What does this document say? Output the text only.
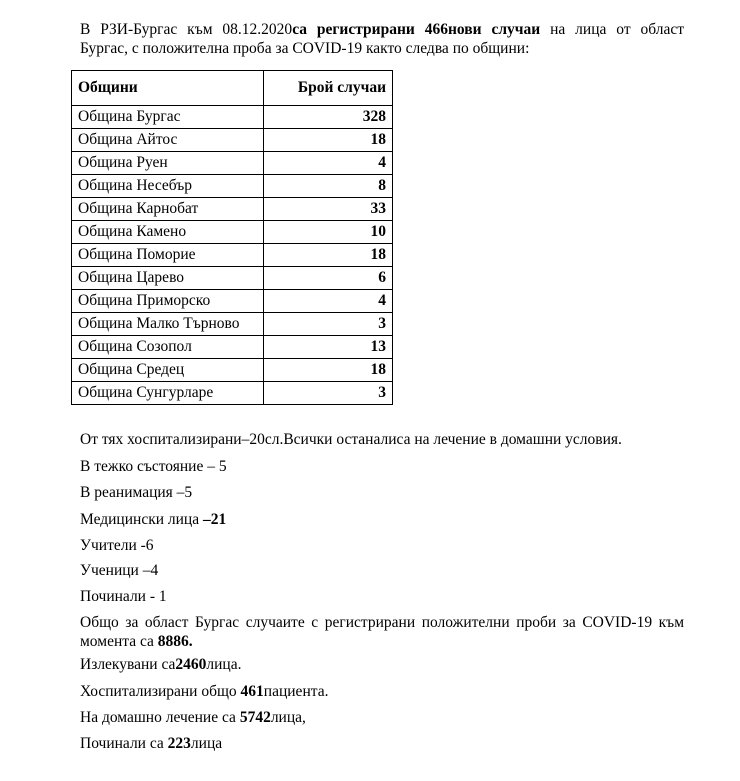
В РЗИ-Бургас към 08.12.2020са регистрирани 466нови случаи на лица от област
Бургас, с положителна проба за COVID-19 както следва по общини:
Общини	Брой случаи
Община Бургас	328
Община Айтос	18
Община Руен	4
Община Несебър	8
Община Карнобат	33
Община Камено	10
Община Поморие	18
Община Царево	6
Община Приморско	4
Община Малко Търново	3
Община Созопол	13
Община Средец	18
Община Сунгурларе	3
От тях хоспитализирани–20сл.Всички останалиса на лечение в домашни условия.
В тежко състояние – 5
В реанимация –5
Медицински лица –21
Учители -6
Ученици –4
Починали - 1
Общо за област Бургас случаите с регистрирани положителни проби за COVID-19 към
момента са 8886.
Излекувани са2460лица.
Хоспитализирани общо 461пациента.
На домашно лечение са 5742лица,
Починали са 223лица
